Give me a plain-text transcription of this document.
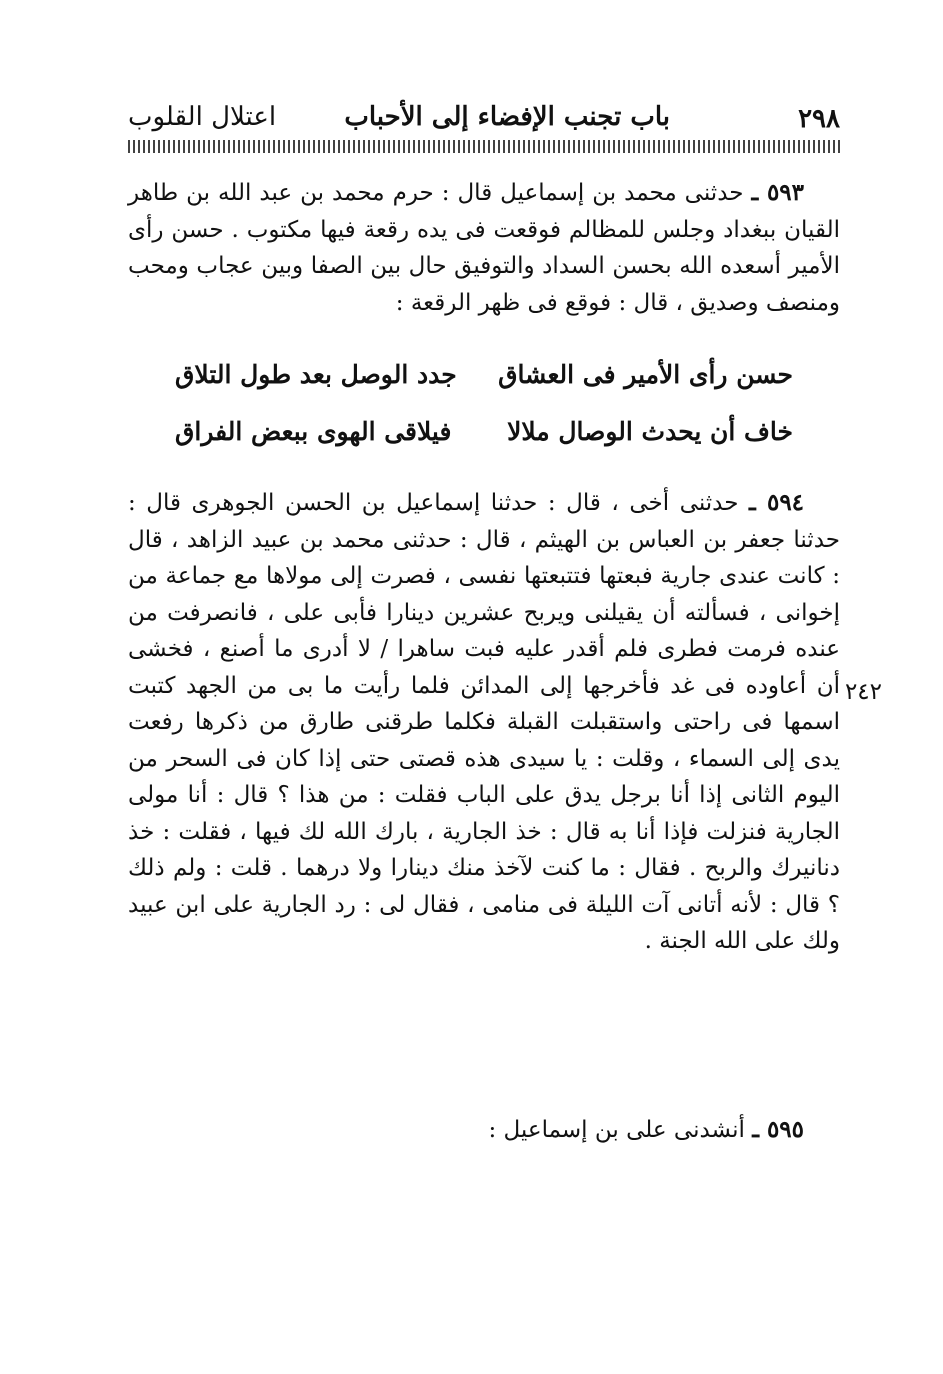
٢٩٨
باب تجنب الإفضاء إلى الأحباب
اعتلال القلوب

٥٩٣ ـ حدثنى محمد بن إسماعيل قال : حرم محمد بن عبد الله بن طاهر القيان ببغداد وجلس للمظالم فوقعت فى يده رقعة فيها مكتوب . حسن رأى الأمير أسعده الله بحسن السداد والتوفيق حال بين الصفا وبين عجاب ومحب ومنصف وصديق ، قال : فوقع فى ظهر الرقعة :

حسن رأى الأمير فى العشاق
جدد الوصل بعد طول التلاق
خاف أن يحدث الوصال ملالا
فيلاقى الهوى ببعض الفراق

٥٩٤ ـ حدثنى أخى ، قال : حدثنا إسماعيل بن الحسن الجوهرى قال : حدثنا جعفر بن العباس بن الهيثم ، قال : حدثنى محمد بن عبيد الزاهد ، قال : كانت عندى جارية فبعتها فتتبعتها نفسى ، فصرت إلى مولاها مع جماعة من إخوانى ، فسألته أن يقيلنى ويربح عشرين دينارا فأبى على ، فانصرفت من عنده فرمت فطرى فلم أقدر عليه فبت ساهرا / لا أدرى ما أصنع ، فخشى أن أعاوده فى غد فأخرجها إلى المدائن فلما رأيت ما بى من الجهد كتبت اسمها فى راحتى واستقبلت القبلة فكلما طرقنى طارق من ذكرها رفعت يدى إلى السماء ، وقلت : يا سيدى هذه قصتى حتى إذا كان فى السحر من اليوم الثانى إذا أنا برجل يدق على الباب فقلت : من هذا ؟ قال : أنا مولى الجارية فنزلت فإذا أنا به قال : خذ الجارية ، بارك الله لك فيها ، فقلت : خذ دنانيرك والربح . فقال : ما كنت لآخذ منك دينارا ولا درهما . قلت : ولم ذلك ؟ قال : لأنه أتانى آت الليلة فى منامى ، فقال لى : رد الجارية على ابن عبيد ولك على الله الجنة .

٢٤٢

٥٩٥ ـ أنشدنى على بن إسماعيل :
